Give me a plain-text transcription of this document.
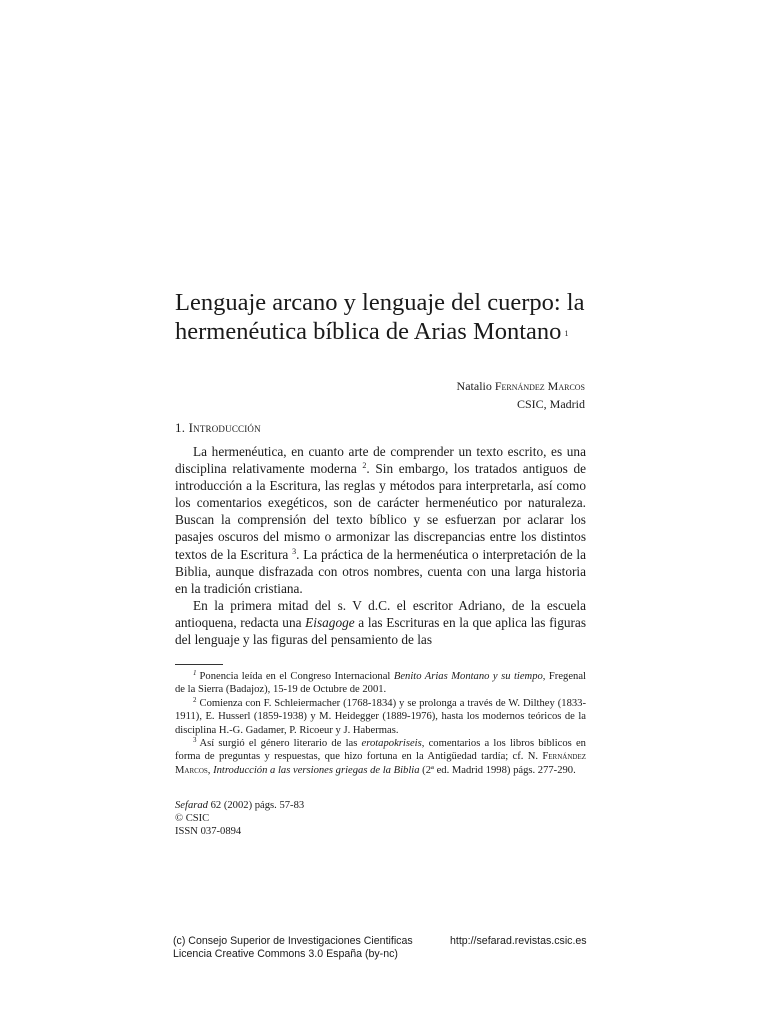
Lenguaje arcano y lenguaje del cuerpo: la hermenéutica bíblica de Arias Montano $^1$
Natalio Fernández Marcos
CSIC, Madrid
1. Introducción

La hermenéutica, en cuanto arte de comprender un texto escrito, es una disciplina relativamente moderna $^2$. Sin embargo, los tratados antiguos de introducción a la Escritura, las reglas y métodos para interpretarla, así como los comentarios exegéticos, son de carácter hermenéutico por naturaleza. Buscan la comprensión del texto bíblico y se esfuerzan por aclarar los pasajes oscuros del mismo o armonizar las discrepancias entre los distintos textos de la Escritura $^3$. La práctica de la hermenéutica o interpretación de la Biblia, aunque disfrazada con otros nombres, cuenta con una larga historia en la tradición cristiana.

En la primera mitad del s. V d.C. el escritor Adriano, de la escuela antioquena, redacta una Eisagoge a las Escrituras en la que aplica las figuras del lenguaje y las figuras del pensamiento de las

$^1$ Ponencia leída en el Congreso Internacional Benito Arias Montano y su tiempo, Fregenal de la Sierra (Badajoz), 15-19 de Octubre de 2001.

$^2$ Comienza con F. Schleiermacher (1768-1834) y se prolonga a través de W. Dilthey (1833-1911), E. Husserl (1859-1938) y M. Heidegger (1889-1976), hasta los modernos teóricos de la disciplina H.-G. Gadamer, P. Ricoeur y J. Habermas.

$^3$ Así surgió el género literario de las erotapokriseis, comentarios a los libros bíblicos en forma de preguntas y respuestas, que hizo fortuna en la Antigüedad tardía; cf. N. Fernández Marcos, Introducción a las versiones griegas de la Biblia (2ª ed. Madrid 1998) págs. 277-290.

Sefarad 62 (2002) págs. 57-83
© CSIC
ISSN 037-0894
(c) Consejo Superior de Investigaciones Cientificas
Licencia Creative Commons 3.0 España (by-nc)
http://sefarad.revistas.csic.es
